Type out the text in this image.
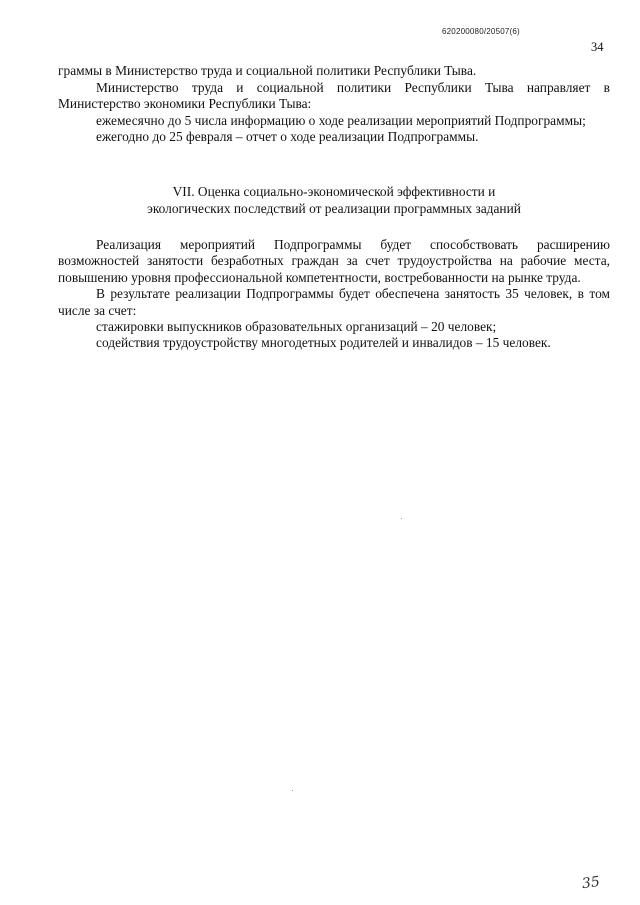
620200080/20507(6)
34

граммы в Министерство труда и социальной политики Республики Тыва.

Министерство труда и социальной политики Республики Тыва направляет в Министерство экономики Республики Тыва:

ежемесячно до 5 числа информацию о ходе реализации мероприятий Подпрограммы;

ежегодно до 25 февраля – отчет о ходе реализации Подпрограммы.

VII. Оценка социально-экономической эффективности и
экологических последствий от реализации программных заданий

Реализация мероприятий Подпрограммы будет способствовать расширению возможностей занятости безработных граждан за счет трудоустройства на рабочие места, повышению уровня профессиональной компетентности, востребованности на рынке труда.

В результате реализации Подпрограммы будет обеспечена занятость 35 человек, в том числе за счет:

стажировки выпускников образовательных организаций – 20 человек;

содействия трудоустройству многодетных родителей и инвалидов – 15 человек.

35
